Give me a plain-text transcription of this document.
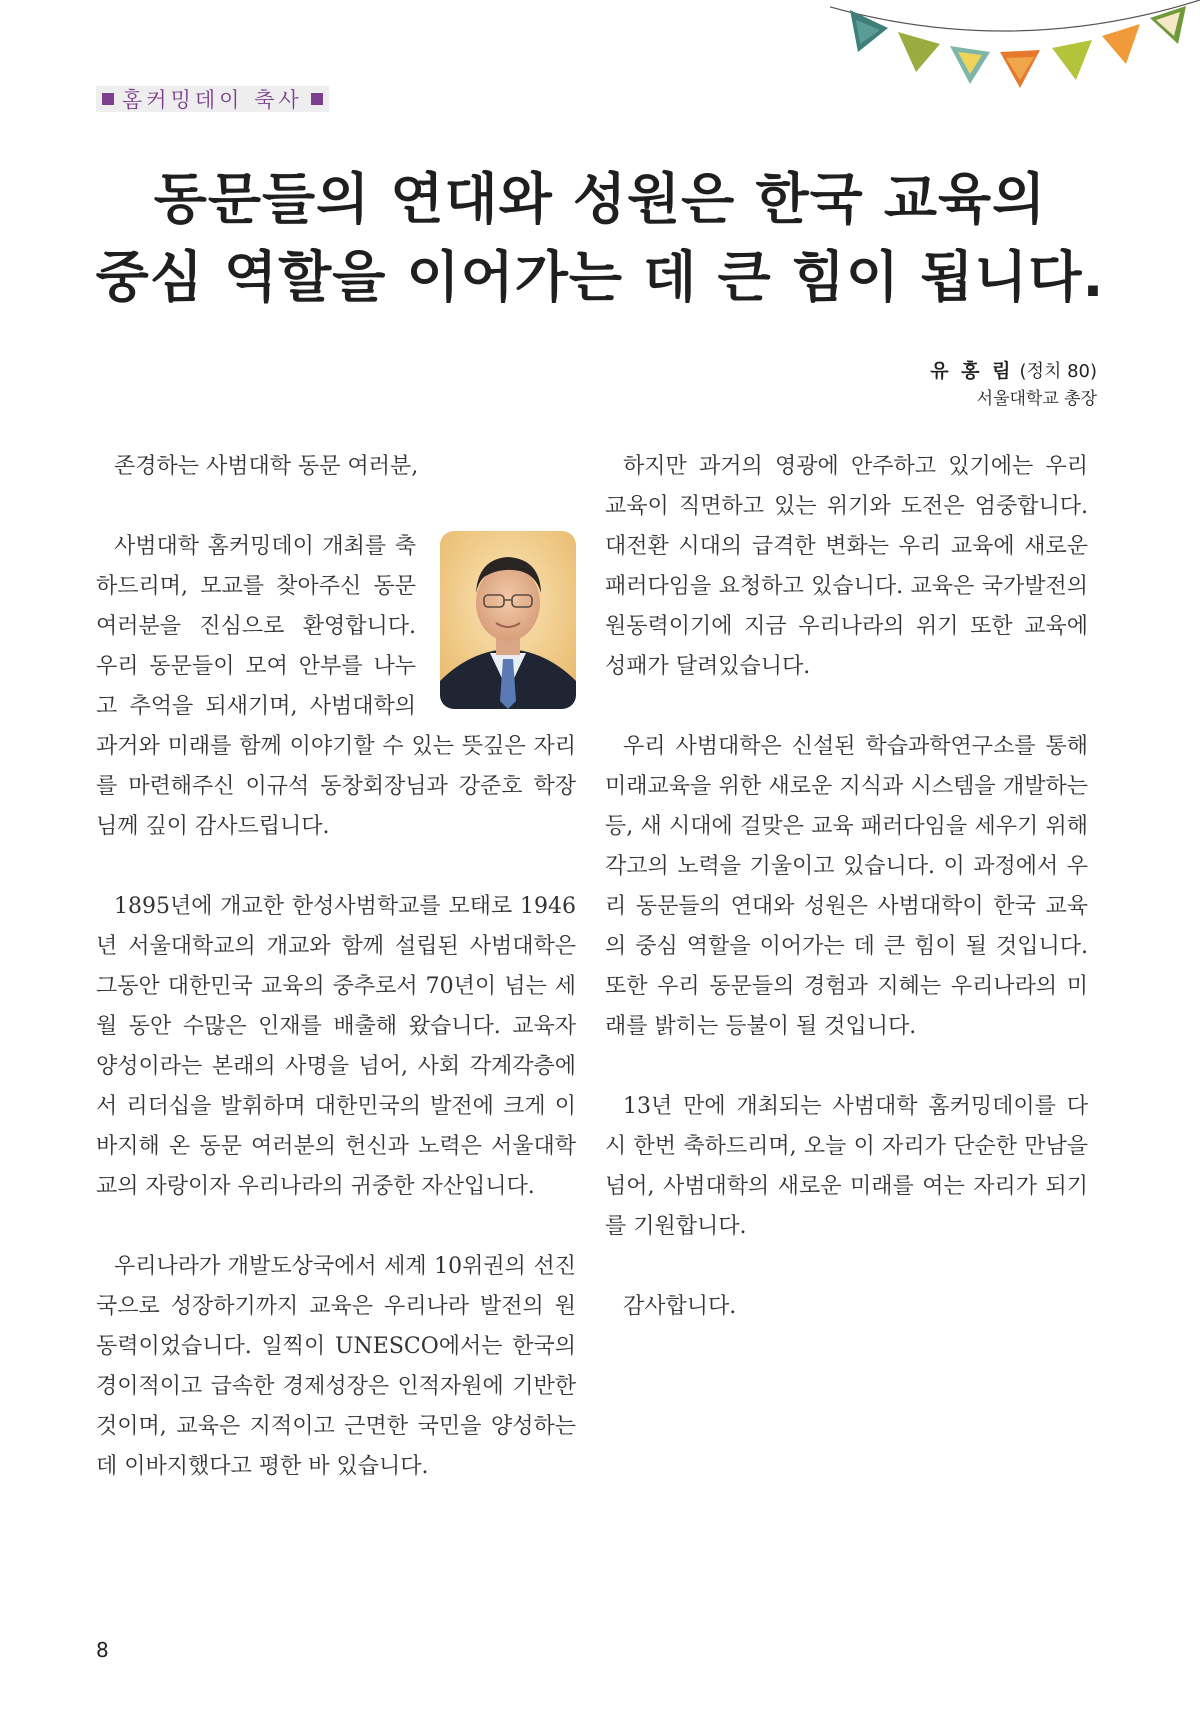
홈커밍데이 축사
동문들의 연대와 성원은 한국 교육의
중심 역할을 이어가는 데 큰 힘이 됩니다.
유 홍 림 (정치 80)
서울대학교 총장

존경하는 사범대학 동문 여러분,

사범대학 홈커밍데이 개최를 축하드리며, 모교를 찾아주신 동문 여러분을 진심으로 환영합니다. 우리 동문들이 모여 안부를 나누고 추억을 되새기며, 사범대학의 과거와 미래를 함께 이야기할 수 있는 뜻깊은 자리를 마련해주신 이규석 동창회장님과 강준호 학장님께 깊이 감사드립니다.

1895년에 개교한 한성사범학교를 모태로 1946년 서울대학교의 개교와 함께 설립된 사범대학은 그동안 대한민국 교육의 중추로서 70년이 넘는 세월 동안 수많은 인재를 배출해 왔습니다. 교육자 양성이라는 본래의 사명을 넘어, 사회 각계각층에서 리더십을 발휘하며 대한민국의 발전에 크게 이바지해 온 동문 여러분의 헌신과 노력은 서울대학교의 자랑이자 우리나라의 귀중한 자산입니다.

우리나라가 개발도상국에서 세계 10위권의 선진국으로 성장하기까지 교육은 우리나라 발전의 원동력이었습니다. 일찍이 UNESCO에서는 한국의 경이적이고 급속한 경제성장은 인적자원에 기반한 것이며, 교육은 지적이고 근면한 국민을 양성하는 데 이바지했다고 평한 바 있습니다.

하지만 과거의 영광에 안주하고 있기에는 우리 교육이 직면하고 있는 위기와 도전은 엄중합니다. 대전환 시대의 급격한 변화는 우리 교육에 새로운 패러다임을 요청하고 있습니다. 교육은 국가발전의 원동력이기에 지금 우리나라의 위기 또한 교육에 성패가 달려있습니다.

우리 사범대학은 신설된 학습과학연구소를 통해 미래교육을 위한 새로운 지식과 시스템을 개발하는 등, 새 시대에 걸맞은 교육 패러다임을 세우기 위해 각고의 노력을 기울이고 있습니다. 이 과정에서 우리 동문들의 연대와 성원은 사범대학이 한국 교육의 중심 역할을 이어가는 데 큰 힘이 될 것입니다. 또한 우리 동문들의 경험과 지혜는 우리나라의 미래를 밝히는 등불이 될 것입니다.

13년 만에 개최되는 사범대학 홈커밍데이를 다시 한번 축하드리며, 오늘 이 자리가 단순한 만남을 넘어, 사범대학의 새로운 미래를 여는 자리가 되기를 기원합니다.

감사합니다.

8
